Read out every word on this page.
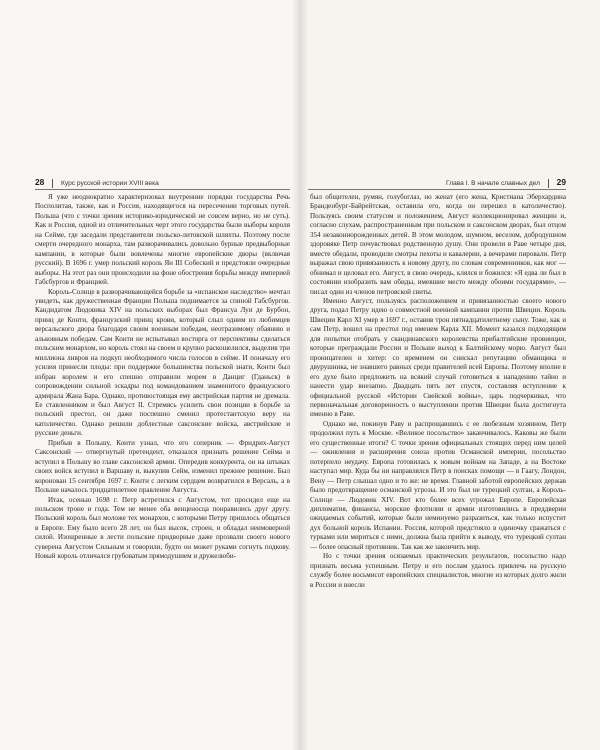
28	Курс русской истории XVIII века

Я уже неоднократно характеризовал внутренние порядки государства Речь Посполитая, также, как и Россия, находящегося на пересечении торговых путей. Польша (что с точки зрения историко-юридической не совсем верно, но не суть). Как и Россия, одной из отличительных черт этого государства были выборы короля на Сейме, где заседали представители польско-литовской шляхты. Поэтому после смерти очередного монарха, там разворачивались довольно бурные предвыборные кампании, в которые были вовлечены многие европейские дворы (включая русский). В 1696 г. умер польский король Ян III Собеский и предстояли очередные выборы. На этот раз они происходили на фоне обострения борьбы между империей Габсбургов и Францией.

Король-Солнце в разворачивающейся борьбе за «испанское наследство» мечтал увидеть, как дружественная Франции Польша поднимается за спиной Габсбургов. Кандидатом Людовика XIV на польских выборах был Франсуа Луи де Бурбон, принц де Конти, французский принц крови, который слыл одним из любимцев версальского двора благодаря своим военным победам, неотразимому обаянию и альковным победам. Сам Конти не испытывал восторга от перспективы сделаться польским монархом, но король стоял на своем и крупно раскошелился, выделив три миллиона ливров на подкуп необходимого числа голосов в сейме. И поначалу его усилия принесли плоды: при поддержке большинства польской знати, Конти был избран королем и его спешно отправили морем в Данциг (Гданьск) в сопровождении сильной эскадры под командованием знаменитого французского адмирала Жана Бара. Однако, противостоящая ему австрийская партия не дремала. Ее ставленником и был Август II. Стремясь усилить свои позиции в борьбе за польский престол, он даже поспешно сменил протестантскую веру на католичество. Однако решили доблестные саксонские войска, австрийские и русские деньги.

Прибыв в Польшу, Конти узнал, что его соперник — Фридрих-Август Саксонский — отвергнутый претендент, отказался признать решение Сейма и вступил в Польшу во главе саксонской армии. Опередив конкурента, он на штыках своих войск вступил в Варшаву и, выкупив Сейм, изменил прежнее решение. Был коронован 15 сентября 1697 г. Конти с легким сердцем возвратился в Версаль, а в Польше началось тридцатилетнее правление Августа.

Итак, осенью 1698 г. Петр встретился с Августом, тот просидел еще на польском троне и года. Тем не менее оба венценосца понравились друг другу. Польский король был моложе тех монархов, с которыми Петру пришлось общаться в Европе. Ему было всего 28 лет, он был высок, строен, и обладал неимоверной силой. Изощренные в лести польские придворные даже прозвали своего нового суверена Августом Сильным и говорили, будто он может руками согнуть подкову. Новый король отличался грубоватым прямодушием и дружелюби-

Глава I. В начале славных дел 29

был общителен, румян, голубоглаз, но женат (его жена, Кристиана Эберхардина Бранденбург-Байрейтская, оставила его, когда он перешел в католичество). Пользуясь своим статусом и положением, Август коллекционировал женщин и, согласно слухам, распространенным при польском и саксонском дворах, был отцом 354 незаконнорожденных детей. В этом молодом, шумном, веселом, добродушном здоровяке Петр почувствовал родственную душу. Они провели в Раве четыре дня, вместе обедали, проводили смотры пехоты и кавалерии, а вечерами пировали. Петр выражал свою привязанность к новому другу, по словам современников, как мог — обнимал и целовал его. Август, в свою очередь, клялся и божился: «Я едва ли был в состоянии изобразить вам обиды, имевшие место между обоими государями», — писал один из членов петровской свиты.

Именно Август, пользуясь расположением и привязанностью своего нового друга, подал Петру идею о совместной военной кампании против Швеции. Король Швеции Карл XI умер в 1697 г., оставив трон пятнадцатилетнему сыну. Тоже, как и сам Петр, вошел на престол под именем Карла XII. Момент казался подходящим для попытки отобрать у скандинавского королевства прибалтийские провинции, которые преграждали России и Польше выход к Балтийскому морю. Август был проницателен и хитер: со временем он снискал репутацию обманщика и двурушника, не знавшего равных среди правителей всей Европы. Поэтому вполне в его духе было предложить на всякий случай готовиться к нападению тайно и нанести удар внезапно. Двадцать пять лет спустя, составляя вступление к официальной русской «Истории Свейской войны», царь подчеркивал, что первоначальная договоренность о выступлении против Швеции была достигнута именно в Раве.

Однако же, покинув Раву и распрощавшись с ее любезным хозяином, Петр продолжил путь к Москве. «Великое посольство» заканчивалось. Каковы же были его существенные итоги? С точки зрения официальных стоящих перед ним целей — оживления и расширения союза против Османской империи, посольство потерпело неудачу. Европа готовилась к новым войнам на Западе, а на Востоке наступал мир. Куда бы ни направлялся Петр в поисках помощи — в Гаагу, Лондон, Вену — Петр слышал одно и то же: не время. Главной заботой европейских держав было предотвращение османской угрозы. И это был не турецкий султан, а Король-Солнце — Людовик XIV. Вот кто более всех угрожал Европе. Европейская дипломатия, финансы, морские флотилии и армии изготовились в преддверии ожидаемых событий, которые были неминуемо разразиться, как только испустит дух больной король Испании. Россия, которой предстояло в одиночку сражаться с турками или мириться с ними, должна была прийти к выводу, что турецкий султан — более опасный противник. Так как же закончить мир.

Но с точки зрения осязаемых практических результатов, посольство надо признать весьма успешным. Петру и его послам удалось привлечь на русскую службу более восьмисот европейских специалистов, многие из которых долго жили в России и внесли
